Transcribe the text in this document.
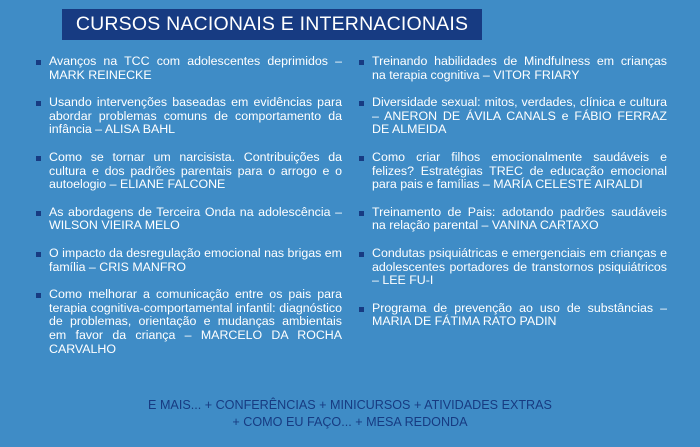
CURSOS NACIONAIS E INTERNACIONAIS
Avanços na TCC com adolescentes deprimidos – MARK REINECKE
Usando intervenções baseadas em evidências para abordar problemas comuns de comportamento da infância – ALISA BAHL
Como se tornar um narcisista. Contribuições da cultura e dos padrões parentais para o arrogo e o autoelogio – ELIANE FALCONE
As abordagens de Terceira Onda na adolescência – WILSON VIEIRA MELO
O impacto da desregulação emocional nas brigas em família – CRIS MANFRO
Como melhorar a comunicação entre os pais para terapia cognitiva-comportamental infantil: diagnóstico de problemas, orientação e mudanças ambientais em favor da criança – MARCELO DA ROCHA CARVALHO
Treinando habilidades de Mindfulness em crianças na terapia cognitiva – VITOR FRIARY
Diversidade sexual: mitos, verdades, clínica e cultura – ANERON DE ÁVILA CANALS e FÁBIO FERRAZ DE ALMEIDA
Como criar filhos emocionalmente saudáveis e felizes? Estratégias TREC de educação emocional para pais e famílias – MARÍA CELESTE AIRALDI
Treinamento de Pais: adotando padrões saudáveis na relação parental – VANINA CARTAXO
Condutas psiquiátricas e emergenciais em crianças e adolescentes portadores de transtornos psiquiátricos – LEE FU-I
Programa de prevenção ao uso de substâncias – MARIA DE FÁTIMA RATO PADIN
E MAIS... + CONFERÊNCIAS + MINICURSOS + ATIVIDADES EXTRAS
+ COMO EU FAÇO... + MESA REDONDA
